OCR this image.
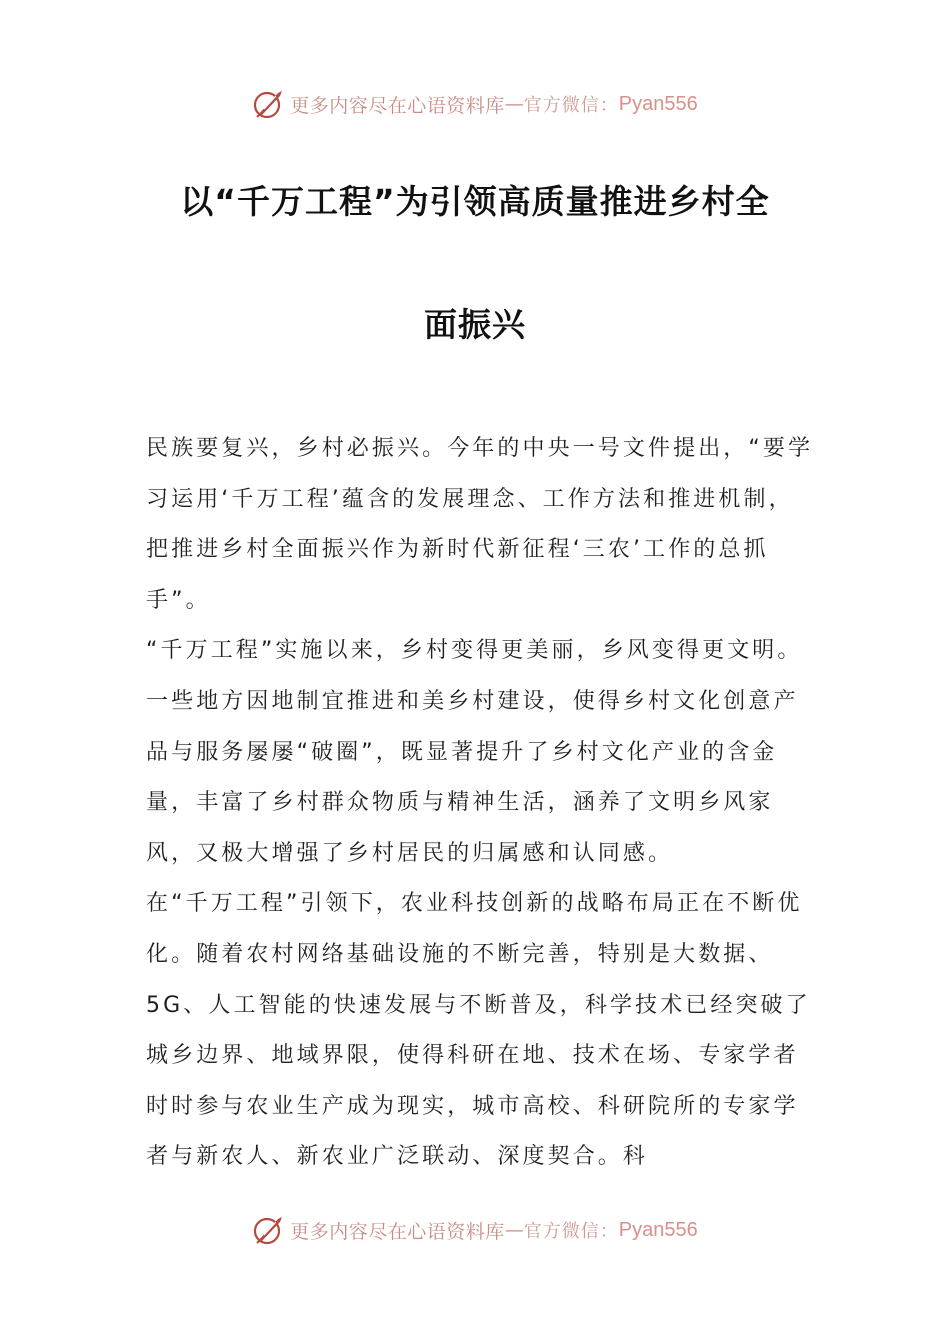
更多内容尽在心语资料库 — 官方微信： Pyan556
以“千万工程”为引领高质量推进乡村全
面振兴

民族要复兴，乡村必振兴。今年的中央一号文件提出，“要学习运用‘千万工程’蕴含的发展理念、工作方法和推进机制，把推进乡村全面振兴作为新时代新征程‘三农’工作的总抓手”。

“千万工程”实施以来，乡村变得更美丽，乡风变得更文明。一些地方因地制宜推进和美乡村建设，使得乡村文化创意产品与服务屡屡“破圈”，既显著提升了乡村文化产业的含金量，丰富了乡村群众物质与精神生活，涵养了文明乡风家风，又极大增强了乡村居民的归属感和认同感。

在“千万工程”引领下，农业科技创新的战略布局正在不断优化。随着农村网络基础设施的不断完善，特别是大数据、5G、人工智能的快速发展与不断普及，科学技术已经突破了城乡边界、地域界限，使得科研在地、技术在场、专家学者时时参与农业生产成为现实，城市高校、科研院所的专家学者与新农人、新农业广泛联动、深度契合。科

更多内容尽在心语资料库 — 官方微信： Pyan556
